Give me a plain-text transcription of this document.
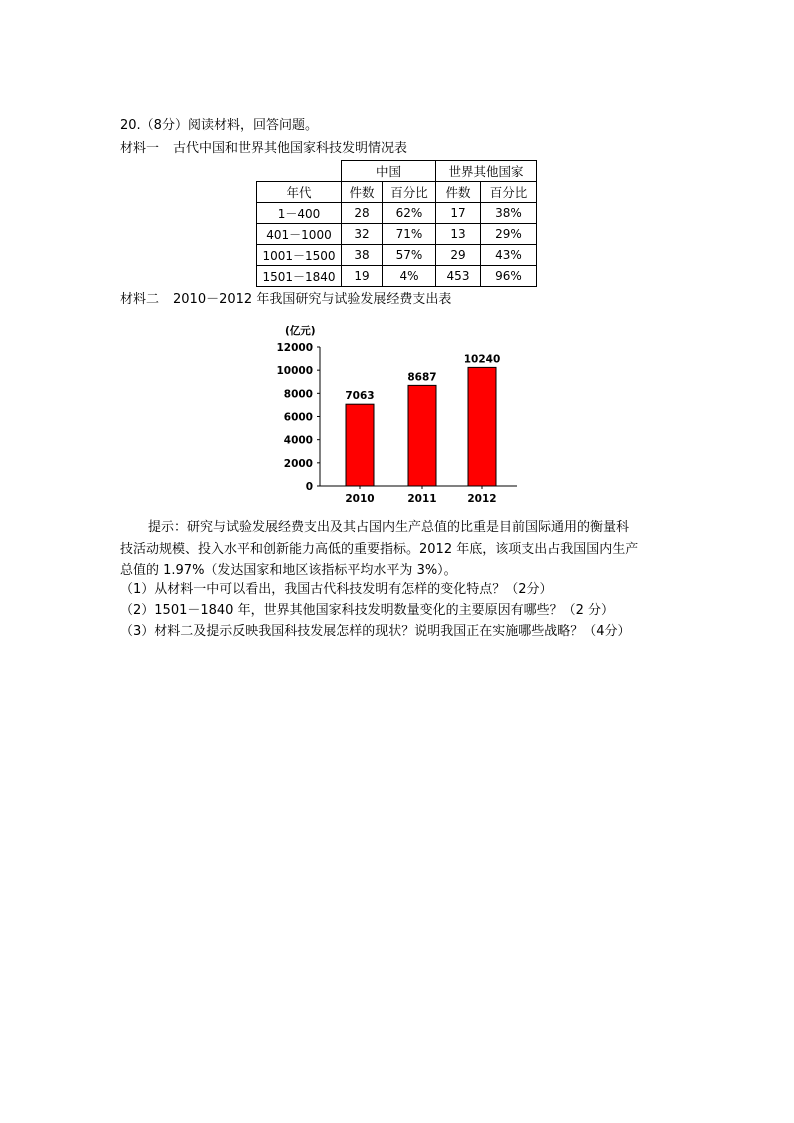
20.（8分）阅读材料，回答问题。
材料一 古代中国和世界其他国家科技发明情况表
	中国		世界其他国家	
年代	件数	百分比	件数	百分比
1－400	28	62%	17	38%
401－1000	32	71%	13	29%
1001－1500	38	57%	29	43%
1501－1840	19	4%	453	96%
材料二 2010－2012 年我国研究与试验发展经费支出表
(亿元)
12000
10000
8000
6000
4000
2000
0
7063
2010
8687
2011
10240
2012
提示：研究与试验发展经费支出及其占国内生产总值的比重是目前国际通用的衡量科
技活动规模、投入水平和创新能力高低的重要指标。2012 年底，该项支出占我国国内生产
总值的 1.97%（发达国家和地区该指标平均水平为 3%）。
（1）从材料一中可以看出，我国古代科技发明有怎样的变化特点？（2分）
（2）1501－1840 年，世界其他国家科技发明数量变化的主要原因有哪些？（2 分）
（3）材料二及提示反映我国科技发展怎样的现状？说明我国正在实施哪些战略？（4分）
